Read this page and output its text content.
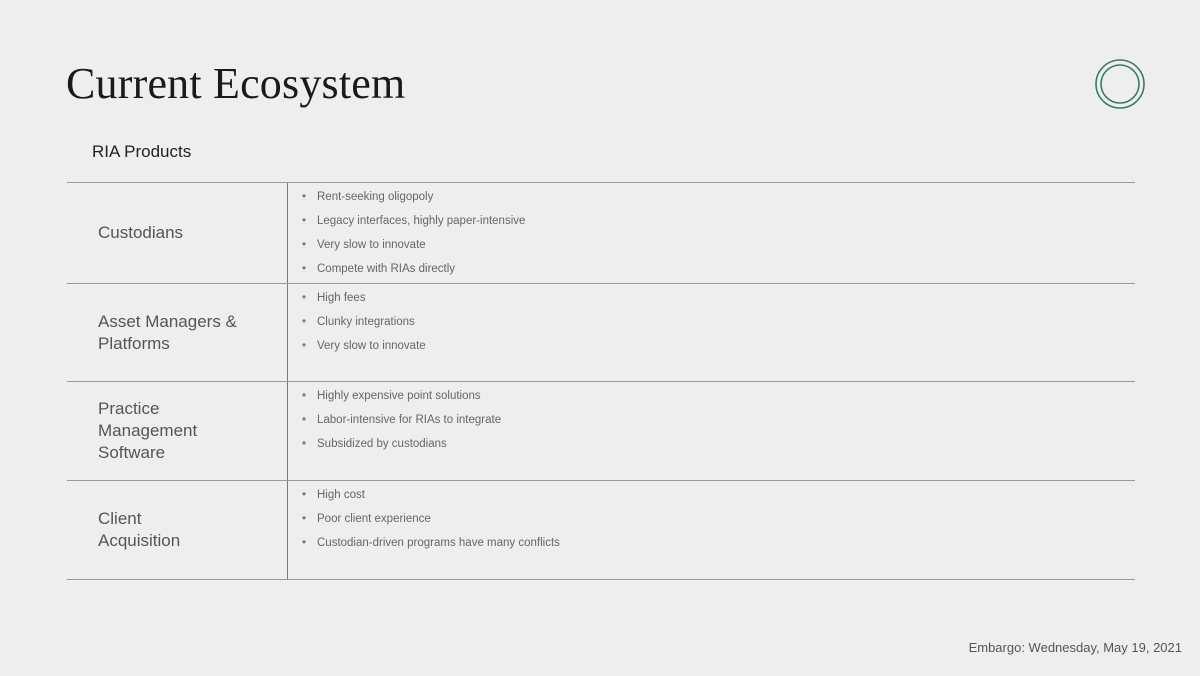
Current Ecosystem
RIA Products
Custodians
• Rent-seeking oligopoly
• Legacy interfaces, highly paper-intensive
• Very slow to innovate
• Compete with RIAs directly
Asset Managers & Platforms
• High fees
• Clunky integrations
• Very slow to innovate
Practice Management Software
• Highly expensive point solutions
• Labor-intensive for RIAs to integrate
• Subsidized by custodians
Client Acquisition
• High cost
• Poor client experience
• Custodian-driven programs have many conflicts
Embargo: Wednesday, May 19, 2021
